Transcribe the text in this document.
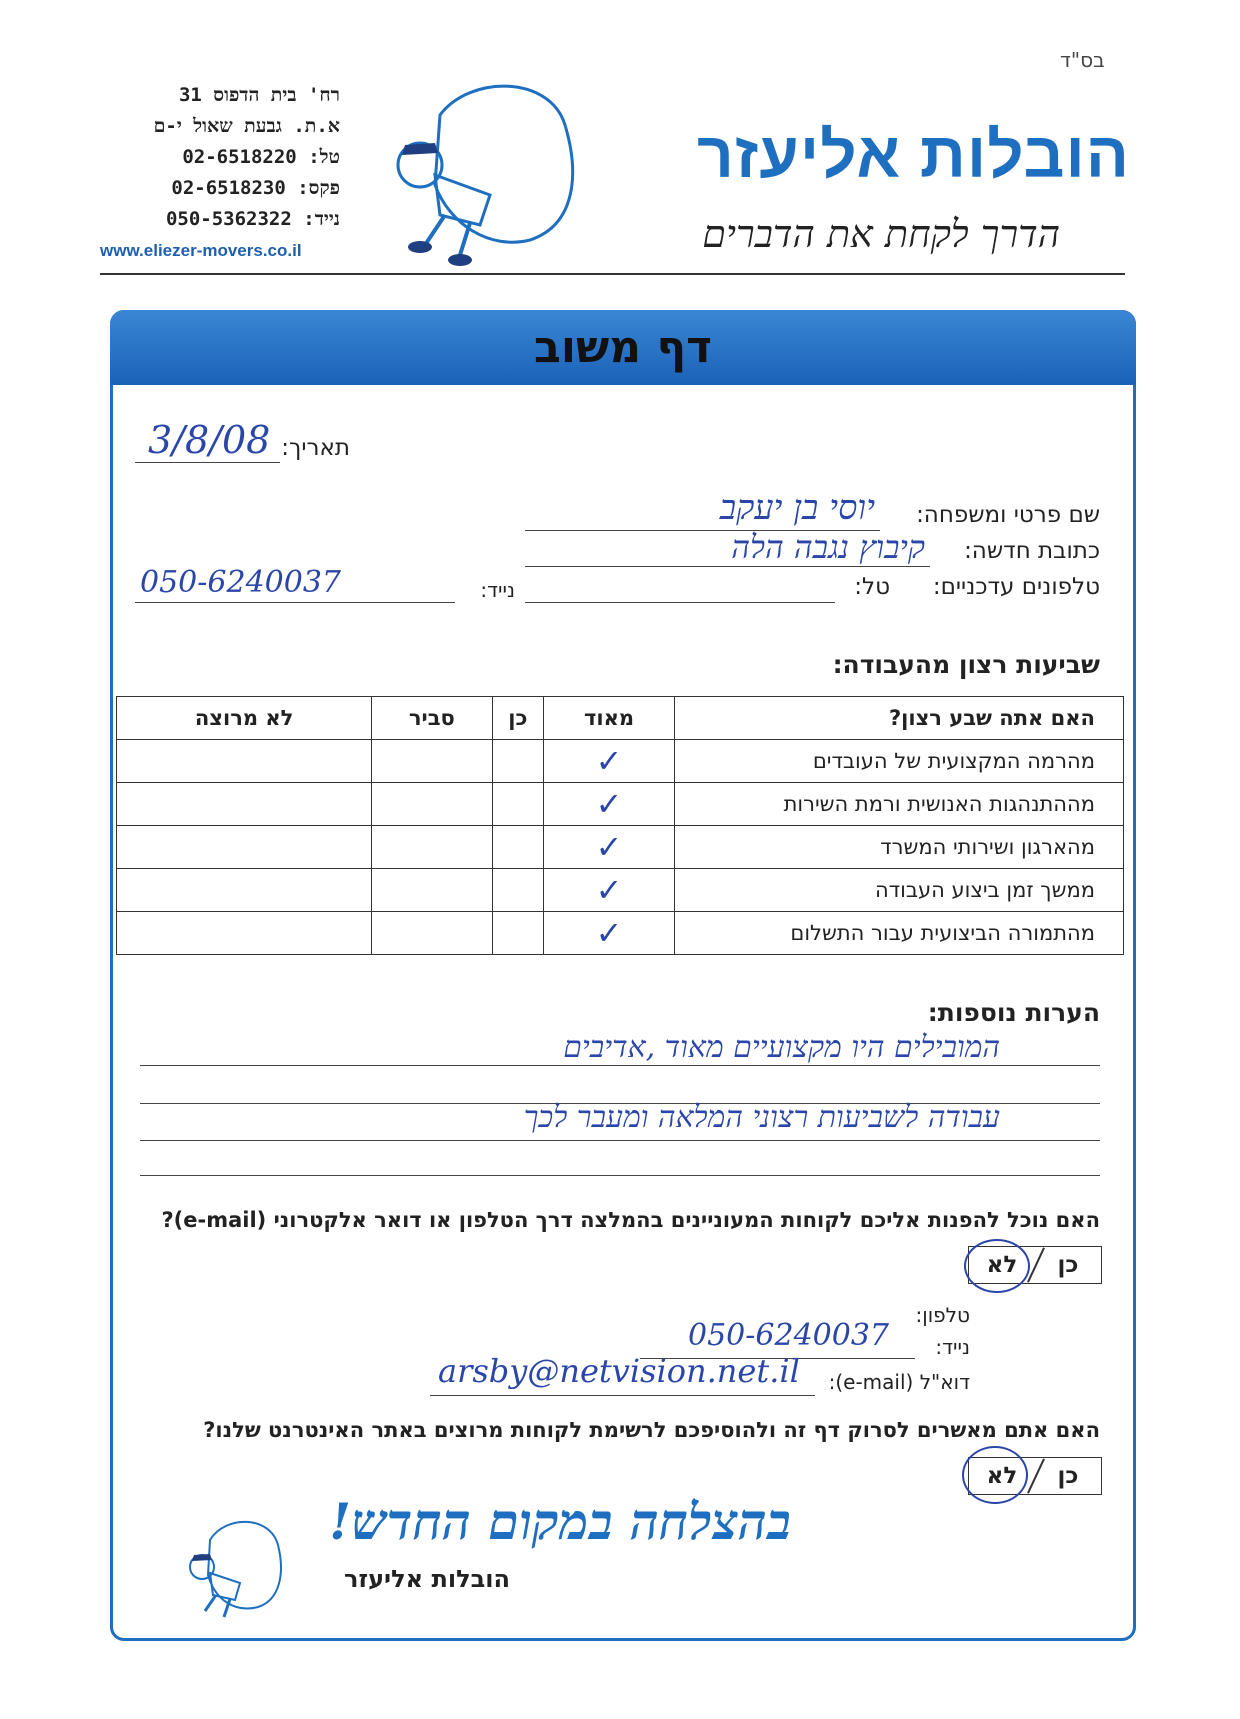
בס"ד
רח' בית הדפוס 31
א.ת. גבעת שאול י-ם
טל: 02-6518220
פקס: 02-6518230
נייד: 050-5362322
www.eliezer-movers.co.il
הובלות אליעזר
הדרך לקחת את הדברים
דף משוב
תאריך:
3/8/08
שם פרטי ומשפחה:
יוסי בן יעקב
כתובת חדשה:
קיבוץ נגבה הלה
טלפונים עדכניים:
טל:
נייד:
050-6240037
שביעות רצון מהעבודה:
האם אתה שבע רצון?	מאוד	כן	סביר	לא מרוצה
מהרמה המקצועית של העובדים	✓			
מההתנהגות האנושית ורמת השירות	✓			
מהארגון ושירותי המשרד	✓			
ממשך זמן ביצוע העבודה	✓			
מהתמורה הביצועית עבור התשלום	✓			
הערות נוספות:
המובילים היו מקצועיים מאוד ,אדיבים
עבודה לשביעות רצוני המלאה ומעבר לכך
האם נוכל להפנות אליכם לקוחות המעוניינים בהמלצה דרך הטלפון או דואר אלקטרוני (e-mail)?
כן
לא
טלפון:
נייד:
050-6240037
דוא"ל (e-mail):
arsby@netvision.net.il
האם אתם מאשרים לסרוק דף זה ולהוסיפכם לרשימת לקוחות מרוצים באתר האינטרנט שלנו?
כן
לא
בהצלחה במקום החדש!
הובלות אליעזר
